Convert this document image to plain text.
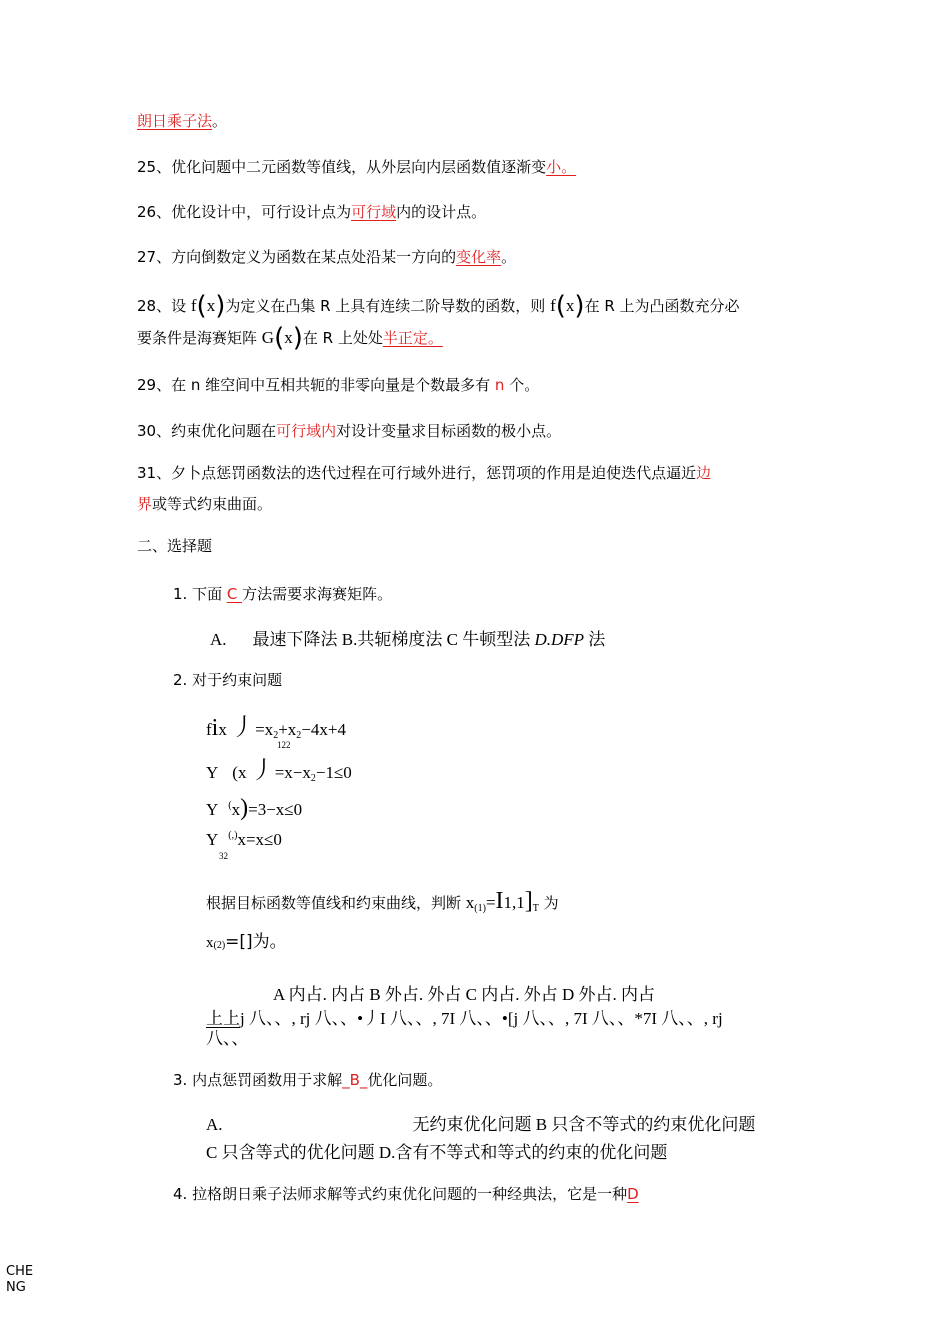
朗日乘子法。
25、优化问题中二元函数等值线，从外层向内层函数值逐渐变小。
26、优化设计中，可行设计点为可行域内的设计点。
27、方向倒数定义为函数在某点处沿某一方向的变化率。
28、设 f(x)为定义在凸集 R 上具有连续二阶导数的函数，则 f(x)在 R 上为凸函数充分必
要条件是海赛矩阵 G(x)在 R 上处处半正定。
29、在 n 维空间中互相共轭的非零向量是个数最多有 n 个。
30、约束优化问题在可行域内对设计变量求目标函数的极小点。
31、夕卜点惩罚函数法的迭代过程在可行域外进行，惩罚项的作用是迫使迭代点逼近边
界或等式约束曲面。
二、选择题
1. 下面 C 方法需要求海赛矩阵。
A. 最速下降法 B.共轭梯度法 C 牛顿型法 D.DFP 法
2. 对于约束问题
fix 丿$=x_2+x_2-4x+4$
122
Y (x 丿$=x-x_2-1\le 0$
Y (x)=3−x≤0
Y (,)x=x≤0
32
根据目标函数等值线和约束曲线，判断 $x_{(1)}=I1,1]_T$ 为
x(2)=[]为。
A 内占. 内占 B 外占. 外占 C 内占. 外占 D 外占. 内占
上上j 八、、, rj 八、、•丿I 八、、, 7I 八、、•[j 八、、, 7I 八、、*7I 八、、, rj
八、、
3. 内点惩罚函数用于求解_B_优化问题。
A.	无约束优化问题 B 只含不等式的约束优化问题
C 只含等式的优化问题 D.含有不等式和等式的约束的优化问题
4. 拉格朗日乘子法师求解等式约束优化问题的一种经典法，它是一种D
CHE
NG
